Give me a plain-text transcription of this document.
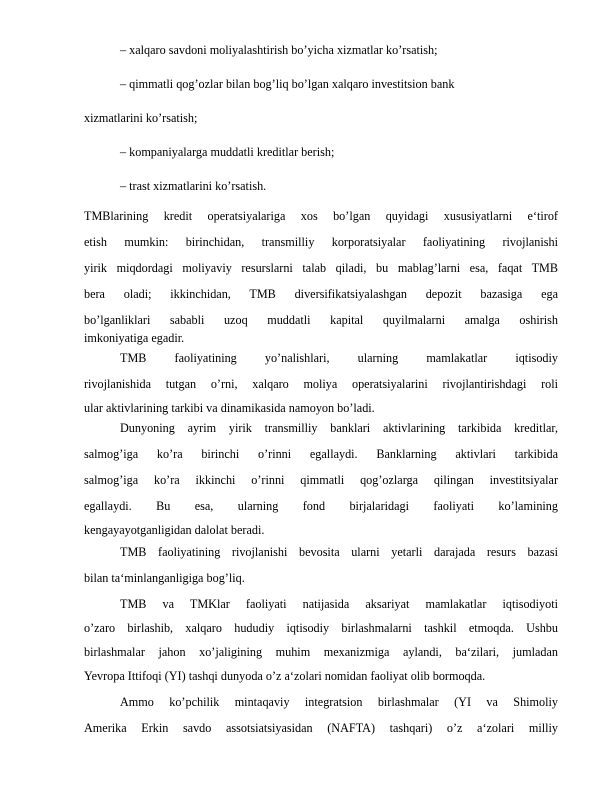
– xalqaro savdoni moliyalashtirish bo’yicha xizmatlar ko’rsatish;
– qimmatli qog’ozlar bilan bog’liq bo’lgan xalqaro investitsion bank
xizmatlarini ko’rsatish;
– kompaniyalarga muddatli kreditlar berish;
– trast xizmatlarini ko’rsatish.
TMBlarining kredit operatsiyalariga xos bo’lgan quyidagi xususiyatlarni e‘tirof
etish mumkin: birinchidan, transmilliy korporatsiyalar faoliyatining rivojlanishi
yirik miqdordagi moliyaviy resurslarni talab qiladi, bu mablag’larni esa, faqat TMB
bera oladi; ikkinchidan, TMB diversifikatsiyalashgan depozit bazasiga ega
bo’lganliklari sababli uzoq muddatli kapital quyilmalarni amalga oshirish
imkoniyatiga egadir.
TMB faoliyatining yo’nalishlari, ularning mamlakatlar iqtisodiy
rivojlanishida tutgan o’rni, xalqaro moliya operatsiyalarini rivojlantirishdagi roli
ular aktivlarining tarkibi va dinamikasida namoyon bo’ladi.
Dunyoning ayrim yirik transmilliy banklari aktivlarining tarkibida kreditlar,
salmog’iga ko’ra birinchi o’rinni egallaydi. Banklarning aktivlari tarkibida
salmog’iga ko’ra ikkinchi o’rinni qimmatli qog’ozlarga qilingan investitsiyalar
egallaydi. Bu esa, ularning fond birjalaridagi faoliyati ko’lamining
kengayayotganligidan dalolat beradi.
TMB faoliyatining rivojlanishi bevosita ularni yetarli darajada resurs bazasi
bilan ta‘minlanganligiga bog’liq.
TMB va TMKlar faoliyati natijasida aksariyat mamlakatlar iqtisodiyoti
o’zaro birlashib, xalqaro hududiy iqtisodiy birlashmalarni tashkil etmoqda. Ushbu
birlashmalar jahon xo’jaligining muhim mexanizmiga aylandi, ba‘zilari, jumladan
Yevropa Ittifoqi (YI) tashqi dunyoda o’z a‘zolari nomidan faoliyat olib bormoqda.
Ammo ko’pchilik mintaqaviy integratsion birlashmalar (YI va Shimoliy
Amerika Erkin savdo assotsiatsiyasidan (NAFTA) tashqari) o’z a‘zolari milliy
